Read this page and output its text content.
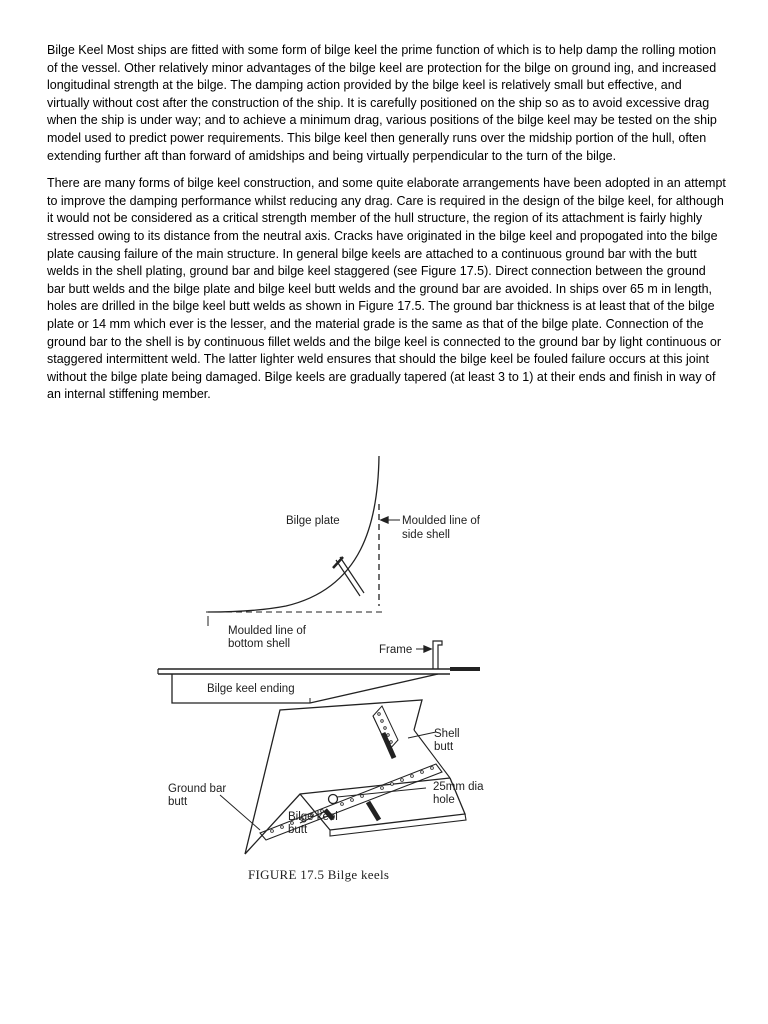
Bilge Keel Most ships are fitted with some form of bilge keel the prime function of which is to help damp the rolling motion of the vessel. Other relatively minor advantages of the bilge keel are protection for the bilge on ground ing, and increased longitudinal strength at the bilge. The damping action provided by the bilge keel is relatively small but effective, and virtually without cost after the construction of the ship. It is carefully positioned on the ship so as to avoid excessive drag when the ship is under way; and to achieve a minimum drag, various positions of the bilge keel may be tested on the ship model used to predict power requirements. This bilge keel then generally runs over the midship portion of the hull, often extending further aft than forward of amidships and being virtually perpendicular to the turn of the bilge.

There are many forms of bilge keel construction, and some quite elaborate arrangements have been adopted in an attempt to improve the damping performance whilst reducing any drag. Care is required in the design of the bilge keel, for although it would not be considered as a critical strength member of the hull structure, the region of its attachment is fairly highly stressed owing to its distance from the neutral axis. Cracks have originated in the bilge keel and propogated into the bilge plate causing failure of the main structure. In general bilge keels are attached to a continuous ground bar with the butt welds in the shell plating, ground bar and bilge keel staggered (see Figure 17.5). Direct connection between the ground bar butt welds and the bilge plate and bilge keel butt welds and the ground bar are avoided. In ships over 65 m in length, holes are drilled in the bilge keel butt welds as shown in Figure 17.5. The ground bar thickness is at least that of the bilge plate or 14 mm which ever is the lesser, and the material grade is the same as that of the bilge plate. Connection of the ground bar to the shell is by continuous fillet welds and the bilge keel is connected to the ground bar by light continuous or staggered intermittent weld. The latter lighter weld ensures that should the bilge keel be fouled failure occurs at this joint without the bilge plate being damaged. Bilge keels are gradually tapered (at least 3 to 1) at their ends and finish in way of an internal stiffening member.

Bilge plate	Moulded line of
side shell
Moulded line of
bottom shell	Frame
Bilge keel ending
Shell
butt
Ground bar
butt
25mm dia
hole
Bilge keel
butt
FIGURE 17.5 Bilge keels
